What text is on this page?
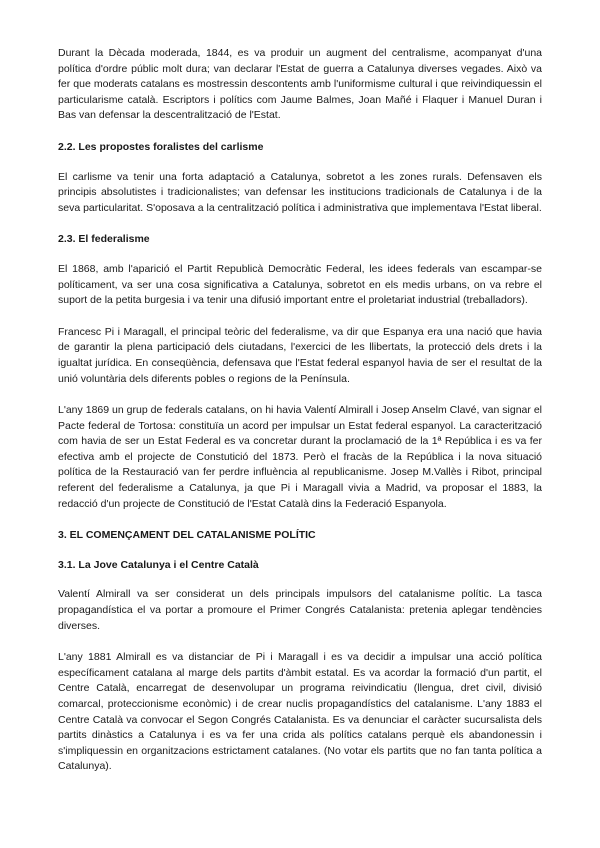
Durant la Dècada moderada, 1844, es va produir un augment del centralisme, acompanyat d'una política d'ordre públic molt dura; van declarar l'Estat de guerra a Catalunya diverses vegades. Això va fer que moderats catalans es mostressin descontents amb l'uniformisme cultural i que reivindiquessin el particularisme català. Escriptors i polítics com Jaume Balmes, Joan Mañé i Flaquer i Manuel Duran i Bas van defensar la descentralització de l'Estat.

2.2. Les propostes foralistes del carlisme

El carlisme va tenir una forta adaptació a Catalunya, sobretot a les zones rurals. Defensaven els principis absolutistes i tradicionalistes; van defensar les institucions tradicionals de Catalunya i de la seva particularitat. S'oposava a la centralització política i administrativa que implementava l'Estat liberal.

2.3. El federalisme

El 1868, amb l'aparició el Partit Republicà Democràtic Federal, les idees federals van escampar-se políticament, va ser una cosa significativa a Catalunya, sobretot en els medis urbans, on va rebre el suport de la petita burgesia i va tenir una difusió important entre el proletariat industrial (treballadors).

Francesc Pi i Maragall, el principal teòric del federalisme, va dir que Espanya era una nació que havia de garantir la plena participació dels ciutadans, l'exercici de les llibertats, la protecció dels drets i la igualtat jurídica. En conseqüència, defensava que l'Estat federal espanyol havia de ser el resultat de la unió voluntària dels diferents pobles o regions de la Península.

L'any 1869 un grup de federals catalans, on hi havia Valentí Almirall i Josep Anselm Clavé, van signar el Pacte federal de Tortosa: constituïa un acord per impulsar un Estat federal espanyol. La caracterització com havia de ser un Estat Federal es va concretar durant la proclamació de la 1ª República i es va fer efectiva amb el projecte de Constutició del 1873. Però el fracàs de la República i la nova situació política de la Restauració van fer perdre influència al republicanisme. Josep M.Vallès i Ribot, principal referent del federalisme a Catalunya, ja que Pi i Maragall vivia a Madrid, va proposar el 1883, la redacció d'un projecte de Constitució de l'Estat Català dins la Federació Espanyola.

3. EL COMENÇAMENT DEL CATALANISME POLÍTIC
3.1. La Jove Catalunya i el Centre Català

Valentí Almirall va ser considerat un dels principals impulsors del catalanisme polític. La tasca propagandística el va portar a promoure el Primer Congrés Catalanista: pretenia aplegar tendències diverses.

L'any 1881 Almirall es va distanciar de Pi i Maragall i es va decidir a impulsar una acció política específicament catalana al marge dels partits d'àmbit estatal. Es va acordar la formació d'un partit, el Centre Català, encarregat de desenvolupar un programa reivindicatiu (llengua, dret civil, divisió comarcal, proteccionisme econòmic) i de crear nuclis propagandístics del catalanisme. L'any 1883 el Centre Català va convocar el Segon Congrés Catalanista. Es va denunciar el caràcter sucursalista dels partits dinàstics a Catalunya i es va fer una crida als polítics catalans perquè els abandonessin i s'impliquessin en organitzacions estrictament catalanes. (No votar els partits que no fan tanta política a Catalunya).
